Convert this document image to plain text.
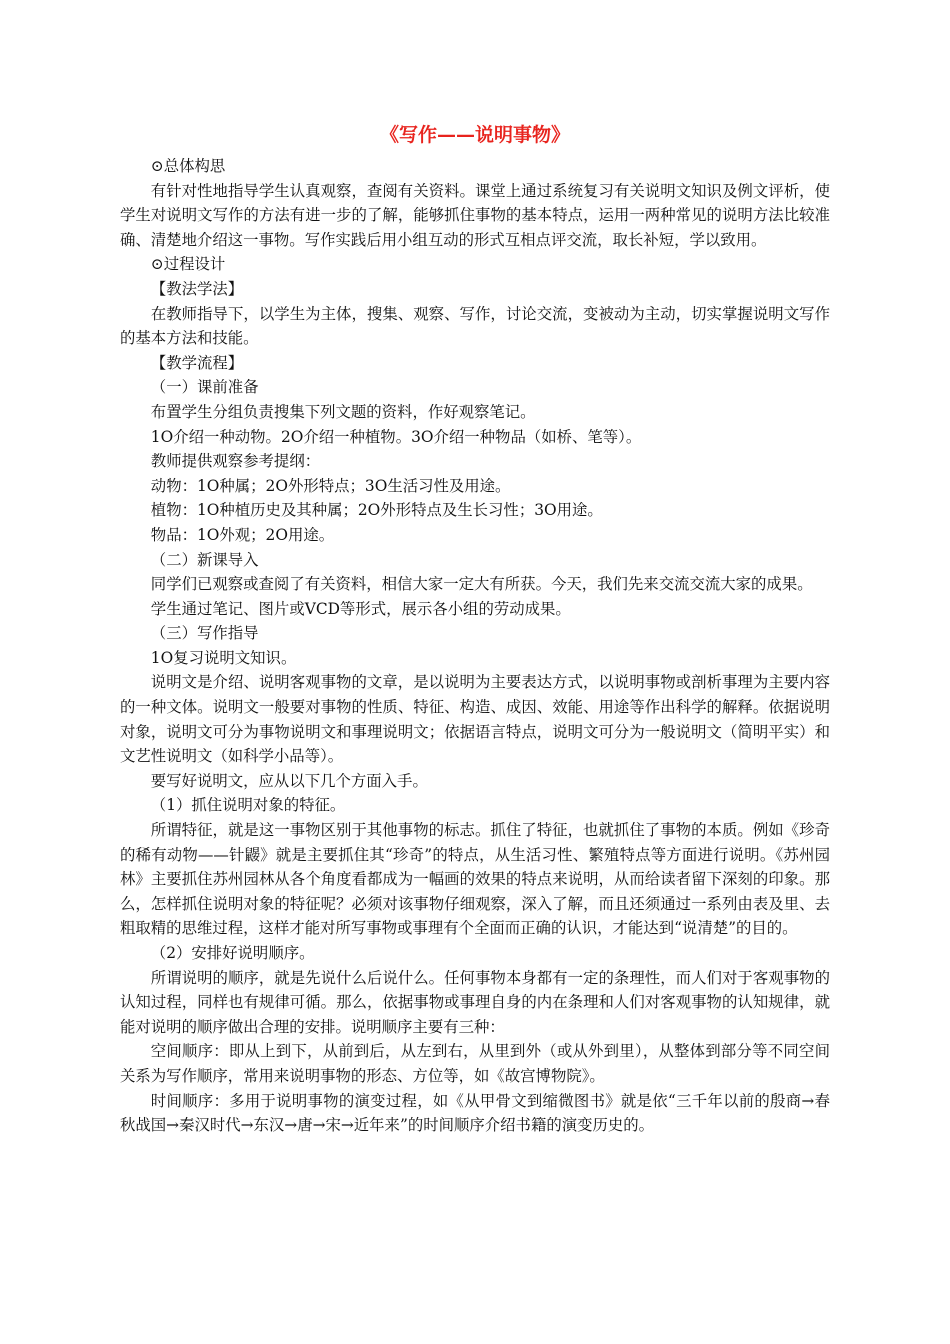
《写作——说明事物》

⊙总体构思

有针对性地指导学生认真观察，查阅有关资料。课堂上通过系统复习有关说明文知识及例文评析，使学生对说明文写作的方法有进一步的了解，能够抓住事物的基本特点，运用一两种常见的说明方法比较准确、清楚地介绍这一事物。写作实践后用小组互动的形式互相点评交流，取长补短，学以致用。

⊙过程设计

【教法学法】

在教师指导下，以学生为主体，搜集、观察、写作，讨论交流，变被动为主动，切实掌握说明文写作的基本方法和技能。

【教学流程】

（一）课前准备

布置学生分组负责搜集下列文题的资料，作好观察笔记。

1O介绍一种动物。2O介绍一种植物。3O介绍一种物品（如桥、笔等）。

教师提供观察参考提纲：

动物：1O种属；2O外形特点；3O生活习性及用途。

植物：1O种植历史及其种属；2O外形特点及生长习性；3O用途。

物品：1O外观；2O用途。

（二）新课导入

同学们已观察或查阅了有关资料，相信大家一定大有所获。今天，我们先来交流交流大家的成果。

学生通过笔记、图片或VCD等形式，展示各小组的劳动成果。

（三）写作指导

1O复习说明文知识。

说明文是介绍、说明客观事物的文章，是以说明为主要表达方式，以说明事物或剖析事理为主要内容的一种文体。说明文一般要对事物的性质、特征、构造、成因、效能、用途等作出科学的解释。依据说明对象，说明文可分为事物说明文和事理说明文；依据语言特点，说明文可分为一般说明文（简明平实）和文艺性说明文（如科学小品等）。

要写好说明文，应从以下几个方面入手。

（1）抓住说明对象的特征。

所谓特征，就是这一事物区别于其他事物的标志。抓住了特征，也就抓住了事物的本质。例如《珍奇的稀有动物——针鼹》就是主要抓住其“珍奇”的特点，从生活习性、繁殖特点等方面进行说明。《苏州园林》主要抓住苏州园林从各个角度看都成为一幅画的效果的特点来说明，从而给读者留下深刻的印象。那么，怎样抓住说明对象的特征呢？必须对该事物仔细观察，深入了解，而且还须通过一系列由表及里、去粗取精的思维过程，这样才能对所写事物或事理有个全面而正确的认识，才能达到“说清楚”的目的。

（2）安排好说明顺序。

所谓说明的顺序，就是先说什么后说什么。任何事物本身都有一定的条理性，而人们对于客观事物的认知过程，同样也有规律可循。那么，依据事物或事理自身的内在条理和人们对客观事物的认知规律，就能对说明的顺序做出合理的安排。说明顺序主要有三种：

空间顺序：即从上到下，从前到后，从左到右，从里到外（或从外到里），从整体到部分等不同空间关系为写作顺序，常用来说明事物的形态、方位等，如《故宫博物院》。

时间顺序：多用于说明事物的演变过程，如《从甲骨文到缩微图书》就是依“三千年以前的殷商→春秋战国→秦汉时代→东汉→唐→宋→近年来”的时间顺序介绍书籍的演变历史的。
